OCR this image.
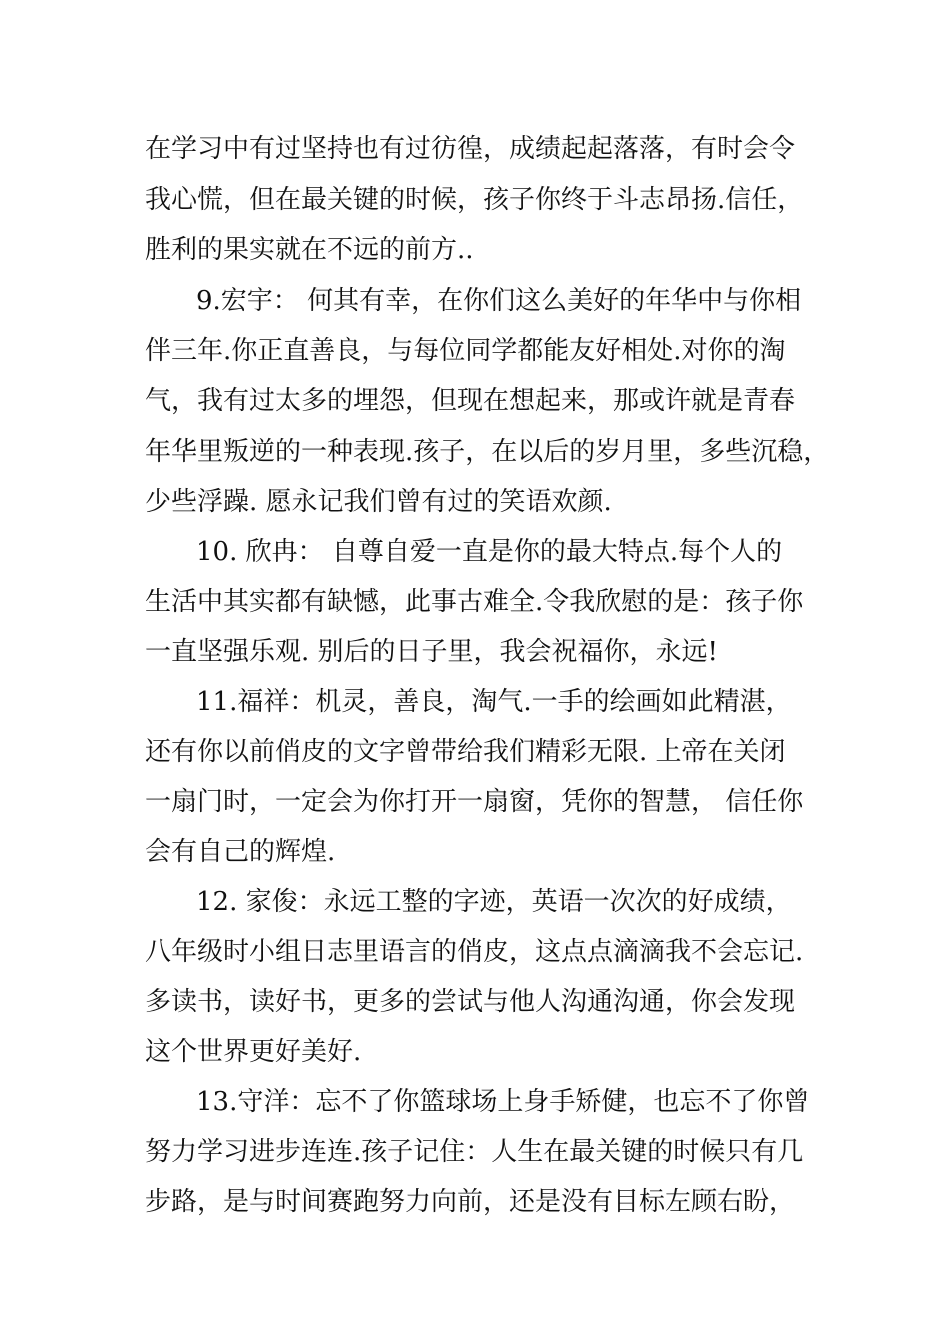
在学习中有过坚持也有过彷徨，成绩起起落落，有时会令
我心慌，但在最关键的时候，孩子你终于斗志昂扬.信任，
胜利的果实就在不远的前方..
9.宏宇： 何其有幸，在你们这么美好的年华中与你相
伴三年.你正直善良，与每位同学都能友好相处.对你的淘
气，我有过太多的埋怨，但现在想起来，那或许就是青春
年华里叛逆的一种表现.孩子，在以后的岁月里，多些沉稳，
少些浮躁. 愿永记我们曾有过的笑语欢颜.
10. 欣冉： 自尊自爱一直是你的最大特点.每个人的
生活中其实都有缺憾，此事古难全.令我欣慰的是：孩子你
一直坚强乐观. 别后的日子里，我会祝福你，永远!
11.福祥：机灵，善良，淘气.一手的绘画如此精湛，
还有你以前俏皮的文字曾带给我们精彩无限. 上帝在关闭
一扇门时，一定会为你打开一扇窗，凭你的智慧， 信任你
会有自己的辉煌.
12. 家俊：永远工整的字迹，英语一次次的好成绩，
八年级时小组日志里语言的俏皮，这点点滴滴我不会忘记.
多读书，读好书，更多的尝试与他人沟通沟通，你会发现
这个世界更好美好.
13.守洋：忘不了你篮球场上身手矫健，也忘不了你曾
努力学习进步连连.孩子记住：人生在最关键的时候只有几
步路，是与时间赛跑努力向前，还是没有目标左顾右盼，
